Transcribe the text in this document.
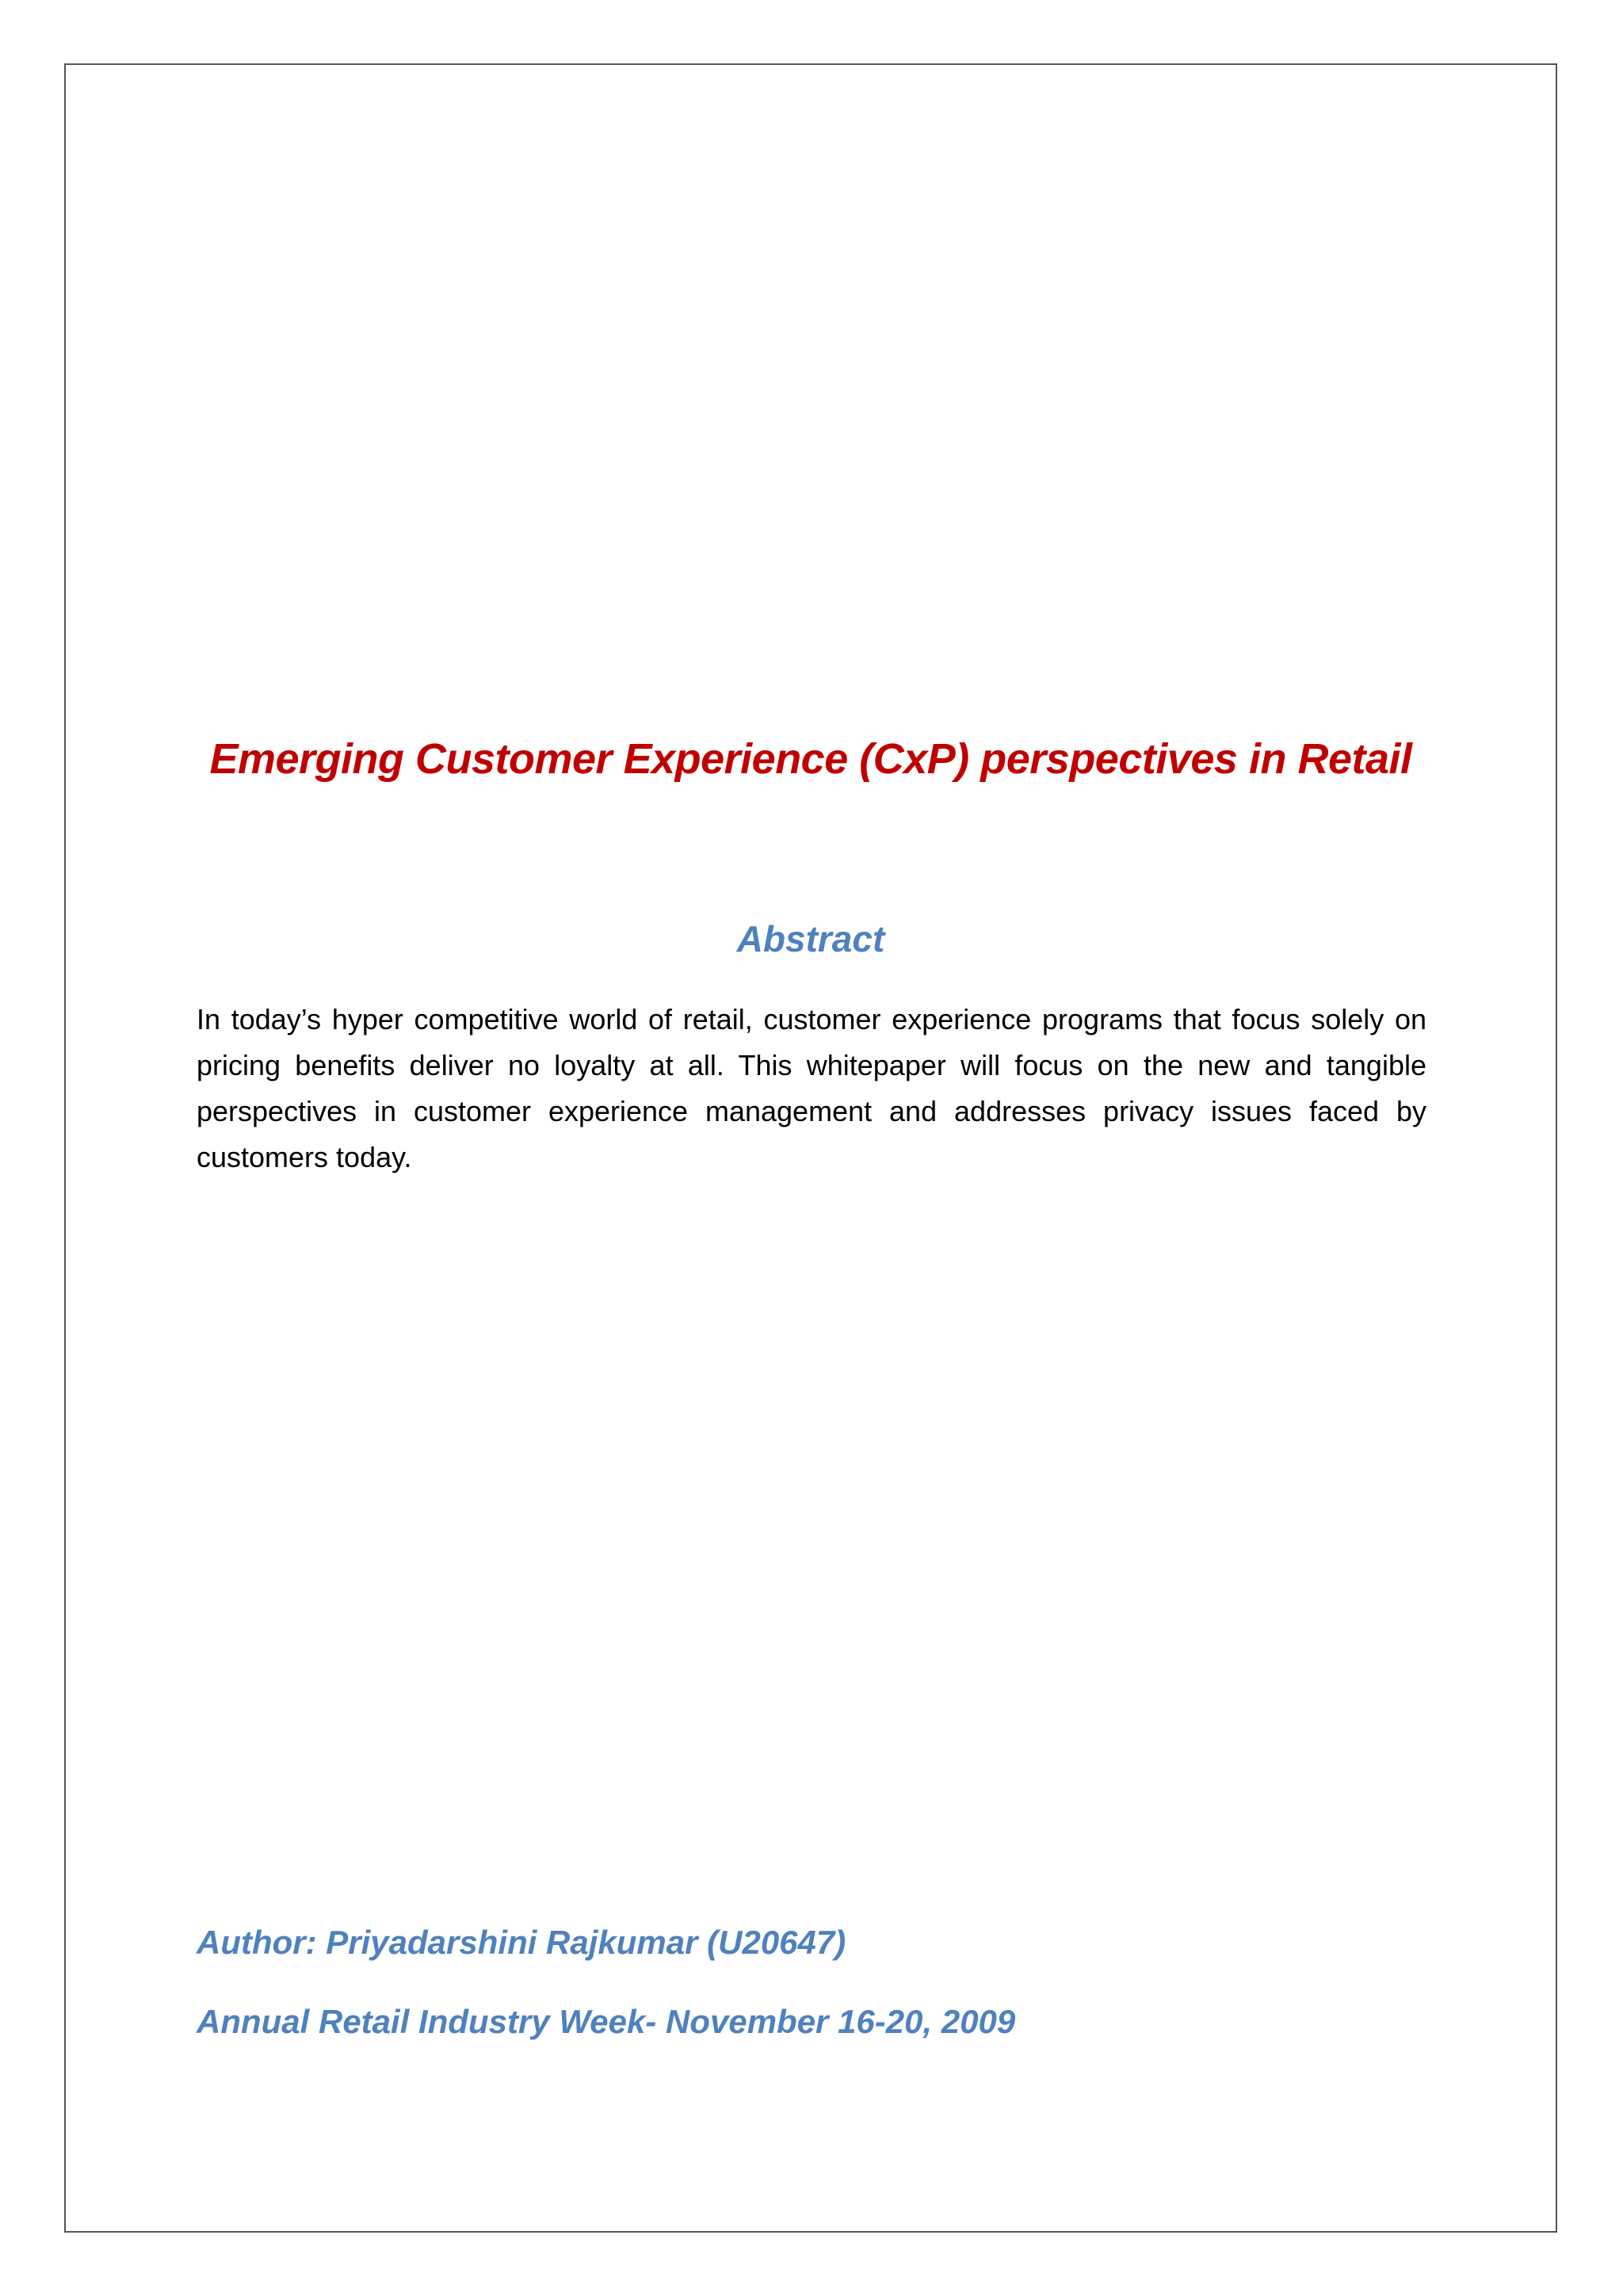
Emerging Customer Experience (CxP) perspectives in Retail
Abstract
In today’s hyper competitive world of retail, customer experience programs that focus solely on pricing benefits deliver no loyalty at all. This whitepaper will focus on the new and tangible perspectives in customer experience management and addresses privacy issues faced by customers today.
Author: Priyadarshini Rajkumar (U20647)
Annual Retail Industry Week- November 16-20, 2009
